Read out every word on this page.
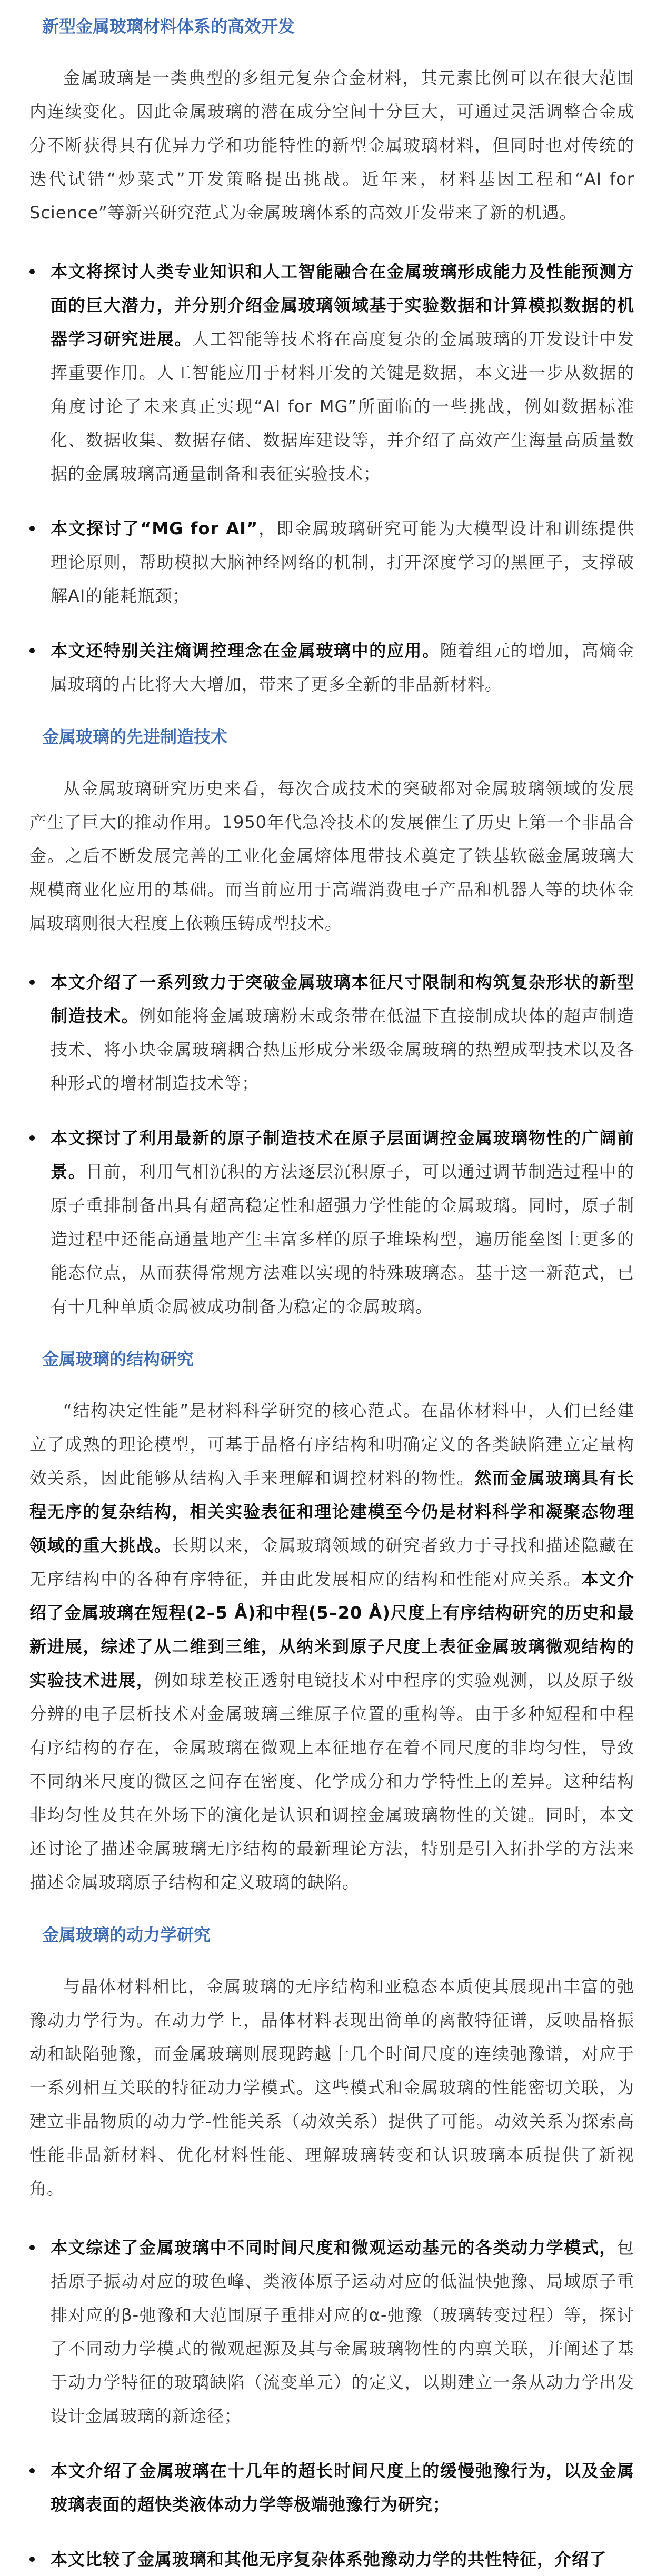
新型金属玻璃材料体系的高效开发

金属玻璃是一类典型的多组元复杂合金材料，其元素比例可以在很大范围内连续变化。因此金属玻璃的潜在成分空间十分巨大，可通过灵活调整合金成分不断获得具有优异力学和功能特性的新型金属玻璃材料，但同时也对传统的迭代试错“炒菜式”开发策略提出挑战。近年来，材料基因工程和“AI for Science”等新兴研究范式为金属玻璃体系的高效开发带来了新的机遇。

本文将探讨人类专业知识和人工智能融合在金属玻璃形成能力及性能预测方面的巨大潜力，并分别介绍金属玻璃领域基于实验数据和计算模拟数据的机器学习研究进展。人工智能等技术将在高度复杂的金属玻璃的开发设计中发挥重要作用。人工智能应用于材料开发的关键是数据，本文进一步从数据的角度讨论了未来真正实现“AI for MG”所面临的一些挑战，例如数据标准化、数据收集、数据存储、数据库建设等，并介绍了高效产生海量高质量数据的金属玻璃高通量制备和表征实验技术；
本文探讨了“MG for AI”，即金属玻璃研究可能为大模型设计和训练提供理论原则，帮助模拟大脑神经网络的机制，打开深度学习的黑匣子，支撑破解AI的能耗瓶颈；
本文还特别关注熵调控理念在金属玻璃中的应用。随着组元的增加，高熵金属玻璃的占比将大大增加，带来了更多全新的非晶新材料。
金属玻璃的先进制造技术

从金属玻璃研究历史来看，每次合成技术的突破都对金属玻璃领域的发展产生了巨大的推动作用。1950年代急冷技术的发展催生了历史上第一个非晶合金。之后不断发展完善的工业化金属熔体甩带技术奠定了铁基软磁金属玻璃大规模商业化应用的基础。而当前应用于高端消费电子产品和机器人等的块体金属玻璃则很大程度上依赖压铸成型技术。

本文介绍了一系列致力于突破金属玻璃本征尺寸限制和构筑复杂形状的新型制造技术。例如能将金属玻璃粉末或条带在低温下直接制成块体的超声制造技术、将小块金属玻璃耦合热压形成分米级金属玻璃的热塑成型技术以及各种形式的增材制造技术等；
本文探讨了利用最新的原子制造技术在原子层面调控金属玻璃物性的广阔前景。目前，利用气相沉积的方法逐层沉积原子，可以通过调节制造过程中的原子重排制备出具有超高稳定性和超强力学性能的金属玻璃。同时，原子制造过程中还能高通量地产生丰富多样的原子堆垛构型，遍历能垒图上更多的能态位点，从而获得常规方法难以实现的特殊玻璃态。基于这一新范式，已有十几种单质金属被成功制备为稳定的金属玻璃。
金属玻璃的结构研究

“结构决定性能”是材料科学研究的核心范式。在晶体材料中，人们已经建立了成熟的理论模型，可基于晶格有序结构和明确定义的各类缺陷建立定量构效关系，因此能够从结构入手来理解和调控材料的物性。然而金属玻璃具有长程无序的复杂结构，相关实验表征和理论建模至今仍是材料科学和凝聚态物理领域的重大挑战。长期以来，金属玻璃领域的研究者致力于寻找和描述隐藏在无序结构中的各种有序特征，并由此发展相应的结构和性能对应关系。本文介绍了金属玻璃在短程(2–5 Å)和中程(5–20 Å)尺度上有序结构研究的历史和最新进展，综述了从二维到三维，从纳米到原子尺度上表征金属玻璃微观结构的实验技术进展，例如球差校正透射电镜技术对中程序的实验观测，以及原子级分辨的电子层析技术对金属玻璃三维原子位置的重构等。由于多种短程和中程有序结构的存在，金属玻璃在微观上本征地存在着不同尺度的非均匀性，导致不同纳米尺度的微区之间存在密度、化学成分和力学特性上的差异。这种结构非均匀性及其在外场下的演化是认识和调控金属玻璃物性的关键。同时，本文还讨论了描述金属玻璃无序结构的最新理论方法，特别是引入拓扑学的方法来描述金属玻璃原子结构和定义玻璃的缺陷。

金属玻璃的动力学研究

与晶体材料相比，金属玻璃的无序结构和亚稳态本质使其展现出丰富的弛豫动力学行为。在动力学上，晶体材料表现出简单的离散特征谱，反映晶格振动和缺陷弛豫，而金属玻璃则展现跨越十几个时间尺度的连续弛豫谱，对应于一系列相互关联的特征动力学模式。这些模式和金属玻璃的性能密切关联，为建立非晶物质的动力学-性能关系（动效关系）提供了可能。动效关系为探索高性能非晶新材料、优化材料性能、理解玻璃转变和认识玻璃本质提供了新视角。

本文综述了金属玻璃中不同时间尺度和微观运动基元的各类动力学模式，包括原子振动对应的玻色峰、类液体原子运动对应的低温快弛豫、局域原子重排对应的β-弛豫和大范围原子重排对应的α-弛豫（玻璃转变过程）等，探讨了不同动力学模式的微观起源及其与金属玻璃物性的内禀关联，并阐述了基于动力学特征的玻璃缺陷（流变单元）的定义，以期建立一条从动力学出发设计金属玻璃的新途径；
本文介绍了金属玻璃在十几年的超长时间尺度上的缓慢弛豫行为，以及金属玻璃表面的超快类液体动力学等极端弛豫行为研究；
本文比较了金属玻璃和其他无序复杂体系弛豫动力学的共性特征，介绍了
